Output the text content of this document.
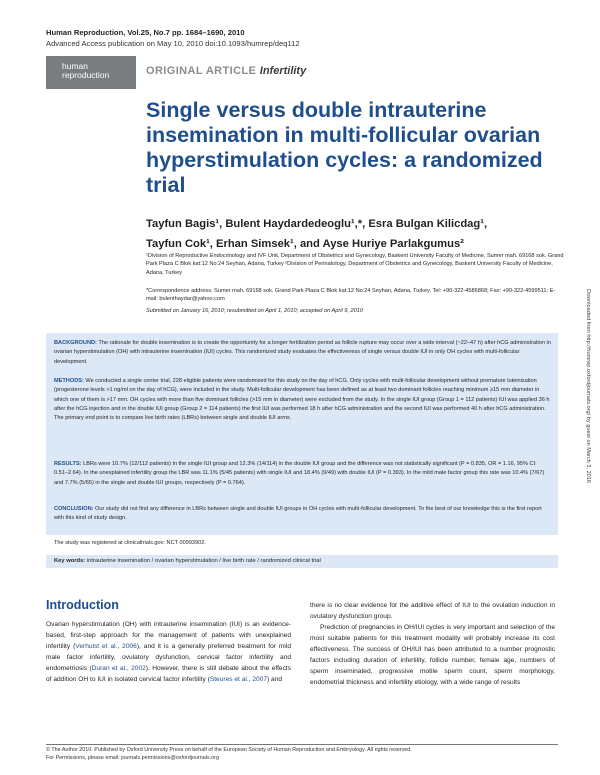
Human Reproduction, Vol.25, No.7 pp. 1684–1690, 2010
Advanced Access publication on May 10, 2010 doi:10.1093/humrep/deq112
human
reproduction	ORIGINAL ARTICLE Infertility
Single versus double intrauterine insemination in multi-follicular ovarian hyperstimulation cycles: a randomized trial
Tayfun Bagis¹, Bulent Haydardedeoglu¹,*, Esra Bulgan Kilicdag¹,
Tayfun Cok¹, Erhan Simsek¹, and Ayse Huriye Parlakgumus²
¹Division of Reproductive Endocrinology and IVF Unit, Department of Obstetrics and Gynecology, Baskent University Faculty of Medicine, Sumer mah. 69168 sok. Grand Park Plaza C Blok kat:12 No:24 Seyhan, Adana, Turkey ²Division of Perinatology, Department of Obstetrics and Gynecology, Baskent University Faculty of Medicine, Adana, Turkey
*Correspondence address. Sumer mah. 69168 sok. Grand Park Plaza C Blok kat:12 No:24 Seyhan, Adana, Turkey. Tel: +90-322-4586868; Fax: +90-322-4599511; E-mail: bulenthaydar@yahoo.com
Submitted on January 16, 2010; resubmitted on April 1, 2010; accepted on April 9, 2010	Downloaded from http://humrep.oxfordjournals.org/ by guest on March 3, 2016

BACKGROUND: The rationale for double insemination is to create the opportunity for a longer fertilization period as follicle rupture may occur over a wide interval (~22–47 h) after hCG administration in ovarian hyperstimulation (OH) with intrauterine insemination (IUI) cycles. This randomized study evaluates the effectiveness of single versus double IUI in only OH cycles with multi-follicular development.

METHODS: We conducted a single center trial, 228 eligible patients were randomized for this study on the day of hCG. Only cycles with multi-follicular development without premature luteinization (progesterone levels >1 ng/ml on the day of hCG), were included in the study. Multi-follicular development has been defined as at least two dominant follicles reaching minimum ≥15 mm diameter in which one of them is >17 mm. OH cycles with more than five dominant follicles (>15 mm in diameter) were excluded from the study. In the single IUI group (Group 1 = 112 patients) IUI was applied 36 h after the hCG injection and in the double IUI group (Group 2 = 114 patients) the first IUI was performed 18 h after hCG administration and the second IUI was performed 40 h after hCG administration. The primary end point is to compare live birth rates (LBRs) between single and double IUI arms.

RESULTS: LBRs were 10.7% (12/112 patients) in the single IUI group and 12.3% (14/114) in the double IUI group and the difference was not statistically significant (P = 0.835, OR = 1.16, 95% CI: 0.51–2.64). In the unexplained infertility group the LBR was 11.1% (5/45 patients) with single IUI and 18.4% (9/49) with double IUI (P = 0.393). In the mild male factor group this rate was 10.4% (7/67) and 7.7% (5/65) in the single and double IUI groups, respectively (P = 0.764).

CONCLUSION: Our study did not find any difference in LBRs between single and double IUI groups in OH cycles with multi-follicular development. To the best of our knowledge this is the first report with this kind of study design.

The study was registered at clinicaltrials.gov: NCT 00993902.
Key words: intrauterine insemination / ovarian hyperstimulation / live birth rate / randomized clinical trial
Introduction
Ovarian hyperstimulation (OH) with intrauterine insemination (IUI) is an evidence-based, first-step approach for the management of patients with unexplained infertility (Verhulst et al., 2006), and it is a generally preferred treatment for mild male factor infertility, ovulatory dysfunction, cervical factor infertility and endometriosis (Duran et al., 2002). However, there is still debate about the effects of addition OH to IUI in isolated cervical factor infertility (Steures et al., 2007) and
there is no clear evidence for the additive effect of IUI to the ovulation induction in ovulatory dysfunction group.
Prediction of pregnancies in OH/IUI cycles is very important and selection of the most suitable patients for this treatment modality will probably increase its cost effectiveness. The success of OH/IUI has been attributed to a number prognostic factors including duration of infertility, follicle number, female age, numbers of sperm inseminated, progressive motile sperm count, sperm morphology, endometrial thickness and infertility etiology, with a wide range of results
© The Author 2010. Published by Oxford University Press on behalf of the European Society of Human Reproduction and Embryology. All rights reserved.
For Permissions, please email: journals.permissions@oxfordjournals.org
